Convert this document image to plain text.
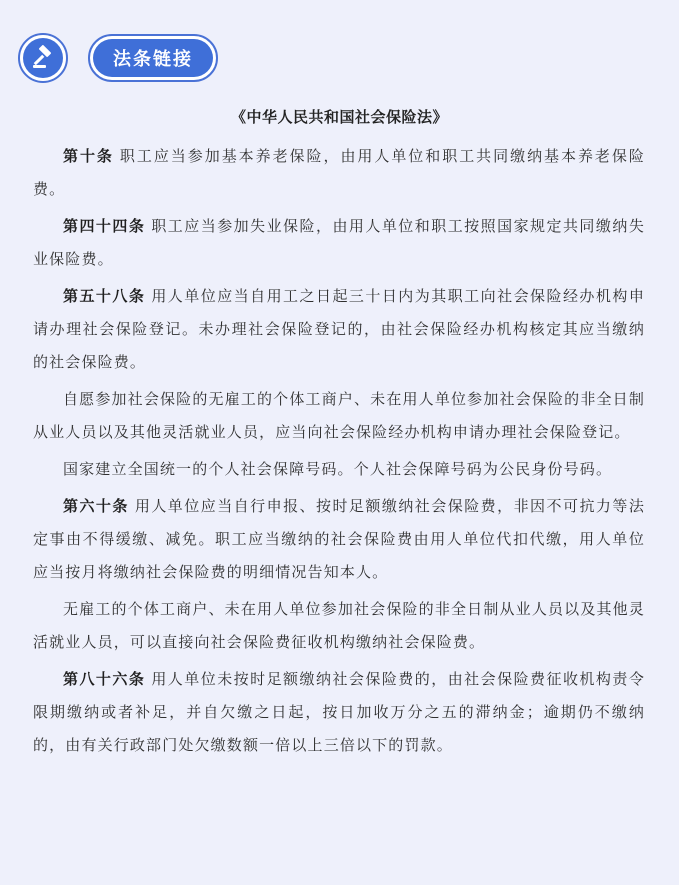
法条链接
《中华人民共和国社会保险法》

第十条 职工应当参加基本养老保险，由用人单位和职工共同缴纳基本养老保险费。

第四十四条 职工应当参加失业保险，由用人单位和职工按照国家规定共同缴纳失业保险费。

第五十八条 用人单位应当自用工之日起三十日内为其职工向社会保险经办机构申请办理社会保险登记。未办理社会保险登记的，由社会保险经办机构核定其应当缴纳的社会保险费。

自愿参加社会保险的无雇工的个体工商户、未在用人单位参加社会保险的非全日制从业人员以及其他灵活就业人员，应当向社会保险经办机构申请办理社会保险登记。

国家建立全国统一的个人社会保障号码。个人社会保障号码为公民身份号码。

第六十条 用人单位应当自行申报、按时足额缴纳社会保险费，非因不可抗力等法定事由不得缓缴、减免。职工应当缴纳的社会保险费由用人单位代扣代缴，用人单位应当按月将缴纳社会保险费的明细情况告知本人。

无雇工的个体工商户、未在用人单位参加社会保险的非全日制从业人员以及其他灵活就业人员，可以直接向社会保险费征收机构缴纳社会保险费。

第八十六条 用人单位未按时足额缴纳社会保险费的，由社会保险费征收机构责令限期缴纳或者补足，并自欠缴之日起，按日加收万分之五的滞纳金；逾期仍不缴纳的，由有关行政部门处欠缴数额一倍以上三倍以下的罚款。
